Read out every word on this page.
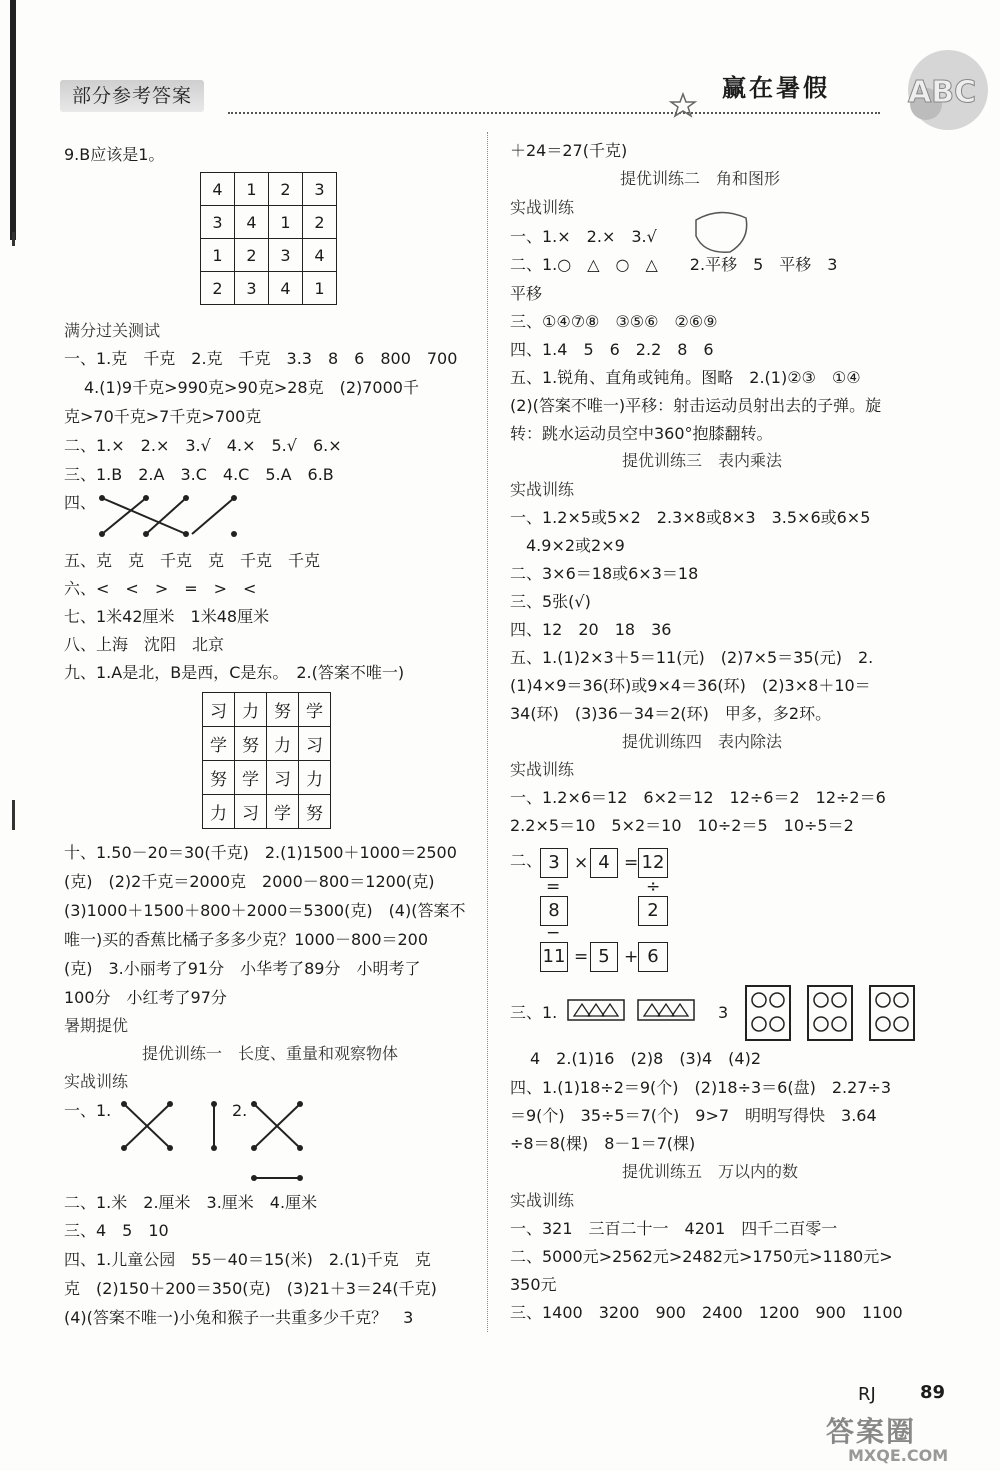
部分参考答案	赢在暑假	ABC
9.B应该是1。
4	1	2	3
3	4	1	2
1	2	3	4
2	3	4	1
满分过关测试
一、1.克　千克　2.克　千克　3.3　8　6　800　700
4.(1)9千克>990克>90克>28克　(2)7000千
克>70千克>7千克>700克
二、1.×　2.×　3.√　4.×　5.√　6.×
三、1.B　2.A　3.C　4.C　5.A　6.B
四、
五、克　克　千克　克　千克　千克
六、<　<　>　=　>　<
七、1米42厘米　1米48厘米
八、上海　沈阳　北京
九、1.A是北，B是西，C是东。　2.(答案不唯一)
习	力	努	学
学	努	力	习
努	学	习	力
力	习	学	努
十、1.50－20＝30(千克)　2.(1)1500＋1000＝2500
(克)　(2)2千克＝2000克　2000－800＝1200(克)
(3)1000＋1500＋800＋2000＝5300(克)　(4)(答案不
唯一)买的香蕉比橘子多多少克？1000－800＝200
(克)　3.小丽考了91分　小华考了89分　小明考了
100分　小红考了97分
暑期提优
提优训练一　长度、重量和观察物体
实战训练
一、1.	2.
二、1.米　2.厘米　3.厘米　4.厘米
三、4　5　10
四、1.儿童公园　55－40＝15(米)　2.(1)千克　克
克　(2)150＋200＝350(克)　(3)21＋3＝24(千克)
(4)(答案不唯一)小兔和猴子一共重多少千克？　3
＋24＝27(千克)
提优训练二　角和图形
实战训练
一、1.×　2.×　3.√
二、1.○　△　○　△　　2.平移　5　平移　3
平移
三、①④⑦⑧　③⑤⑥　②⑥⑨
四、1.4　5　6　2.2　8　6
五、1.锐角、直角或钝角。图略　2.(1)②③　①④
(2)(答案不唯一)平移：射击运动员射出去的子弹。旋
转：跳水运动员空中360°抱膝翻转。
提优训练三　表内乘法
实战训练
一、1.2×5或5×2　2.3×8或8×3　3.5×6或6×5
4.9×2或2×9
二、3×6＝18或6×3＝18
三、5张(√)
四、12　20　18　36
五、1.(1)2×3＋5＝11(元)　(2)7×5＝35(元)　2.
(1)4×9＝36(环)或9×4＝36(环)　(2)3×8＋10＝
34(环)　(3)36－34＝2(环)　甲多，多2环。
提优训练四　表内除法
实战训练
一、1.2×6＝12　6×2＝12　12÷6＝2　12÷2＝6
2.2×5＝10　5×2＝10　10÷2＝5　10÷5＝2
二、 3 × 4 = 12
=	÷
8	2
−
11 = 5 + 6
三、1.	3
4　2.(1)16　(2)8　(3)4　(4)2
四、1.(1)18÷2＝9(个)　(2)18÷3＝6(盘)　2.27÷3
＝9(个)　35÷5＝7(个)　9>7　明明写得快　3.64
÷8＝8(棵)　8－1＝7(棵)
提优训练五　万以内的数
实战训练
一、321　三百二十一　4201　四千二百零一
二、5000元>2562元>2482元>1750元>1180元>
350元
三、1400　3200　900　2400　1200　900　1100
RJ 89
答案圈
MXQE.COM
